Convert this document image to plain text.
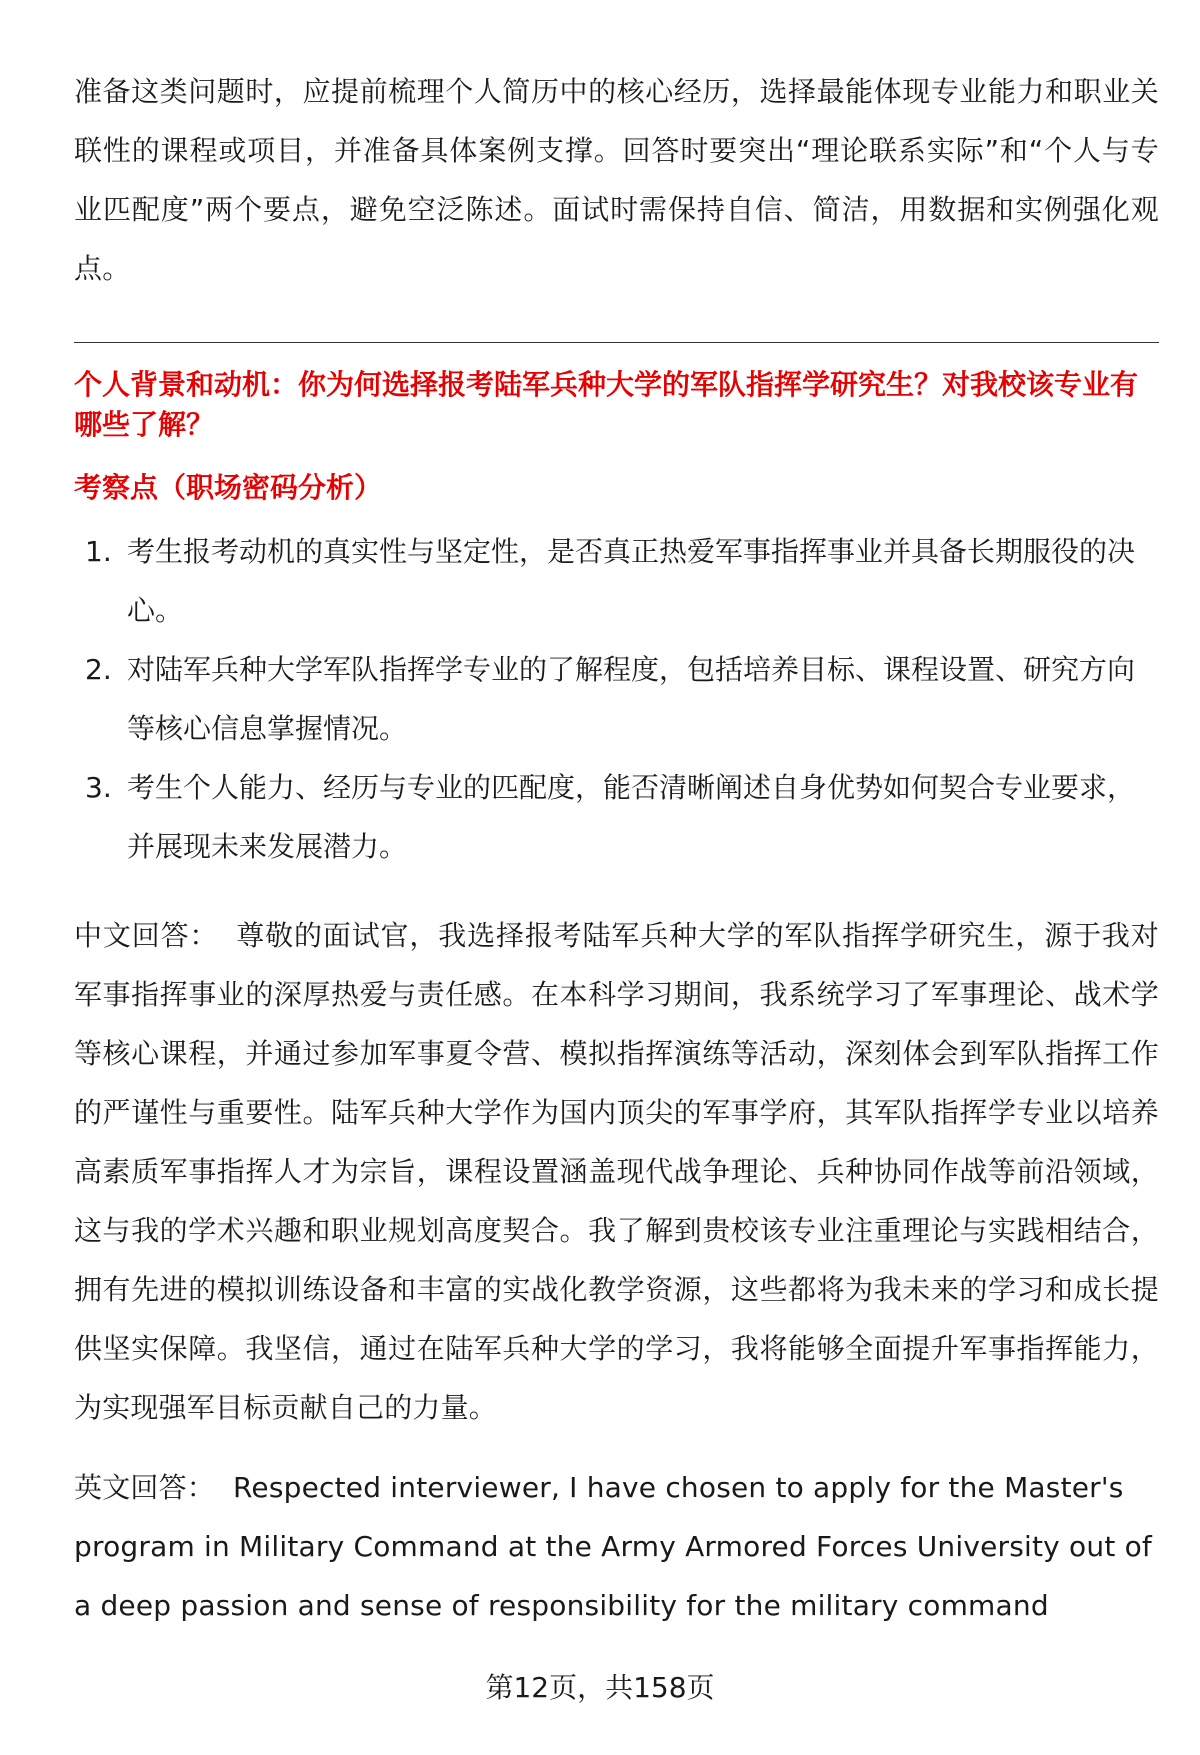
准备这类问题时，应提前梳理个人简历中的核心经历，选择最能体现专业能力和职业关联性的课程或项目，并准备具体案例支撑。回答时要突出“理论联系实际”和“个人与专业匹配度”两个要点，避免空泛陈述。面试时需保持自信、简洁，用数据和实例强化观点。

个人背景和动机：你为何选择报考陆军兵种大学的军队指挥学研究生？对我校该专业有哪些了解？

考察点（职场密码分析）

1. 考生报考动机的真实性与坚定性，是否真正热爱军事指挥事业并具备长期服役的决心。
2. 对陆军兵种大学军队指挥学专业的了解程度，包括培养目标、课程设置、研究方向等核心信息掌握情况。
3. 考生个人能力、经历与专业的匹配度，能否清晰阐述自身优势如何契合专业要求，并展现未来发展潜力。

中文回答： 尊敬的面试官，我选择报考陆军兵种大学的军队指挥学研究生，源于我对军事指挥事业的深厚热爱与责任感。在本科学习期间，我系统学习了军事理论、战术学等核心课程，并通过参加军事夏令营、模拟指挥演练等活动，深刻体会到军队指挥工作的严谨性与重要性。陆军兵种大学作为国内顶尖的军事学府，其军队指挥学专业以培养高素质军事指挥人才为宗旨，课程设置涵盖现代战争理论、兵种协同作战等前沿领域，这与我的学术兴趣和职业规划高度契合。我了解到贵校该专业注重理论与实践相结合，拥有先进的模拟训练设备和丰富的实战化教学资源，这些都将为我未来的学习和成长提供坚实保障。我坚信，通过在陆军兵种大学的学习，我将能够全面提升军事指挥能力，为实现强军目标贡献自己的力量。

英文回答： Respected interviewer, I have chosen to apply for the Master's program in Military Command at the Army Armored Forces University out of a deep passion and sense of responsibility for the military command

第12页，共158页
